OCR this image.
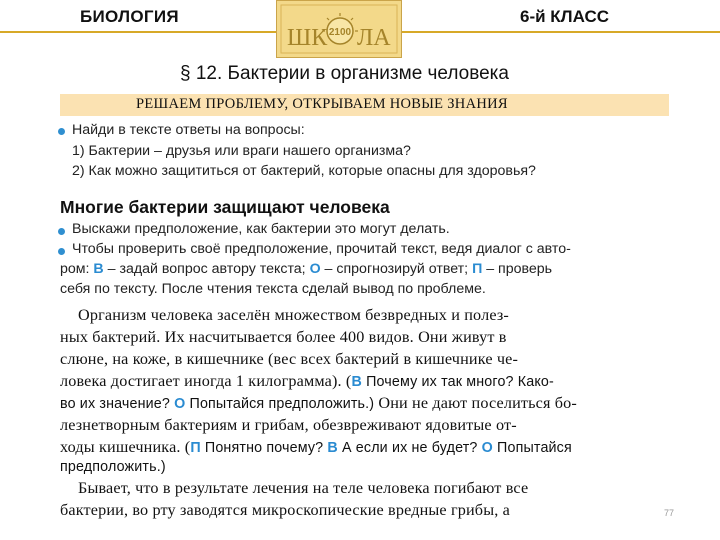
БИОЛОГИЯ	6-й КЛАСС
ШК 2100 ЛА
§ 12. Бактерии в организме человека
РЕШАЕМ ПРОБЛЕМУ, ОТКРЫВАЕМ НОВЫЕ ЗНАНИЯ
Найди в тексте ответы на вопросы:
1) Бактерии – друзья или враги нашего организма?
2) Как можно защититься от бактерий, которые опасны для здоровья?
Многие бактерии защищают человека
Выскажи предположение, как бактерии это могут делать.
Чтобы проверить своё предположение, прочитай текст, ведя диалог с авто-
ром: В – задай вопрос автору текста; О – спрогнозируй ответ; П – проверь
себя по тексту. После чтения текста сделай вывод по проблеме.
Организм человека заселён множеством безвредных и полез-
ных бактерий. Их насчитывается более 400 видов. Они живут в
слюне, на коже, в кишечнике (вес всех бактерий в кишечнике че-
ловека достигает иногда 1 килограмма). (В Почему их так много? Како-
во их значение? О Попытайся предположить.) Они не дают поселиться бо-
лезнетворным бактериям и грибам, обезвреживают ядовитые от-
ходы кишечника. (П Понятно почему? В А если их не будет? О Попытайся
предположить.)
Бывает, что в результате лечения на теле человека погибают все
бактерии, во рту заводятся микроскопические вредные грибы, а	77
